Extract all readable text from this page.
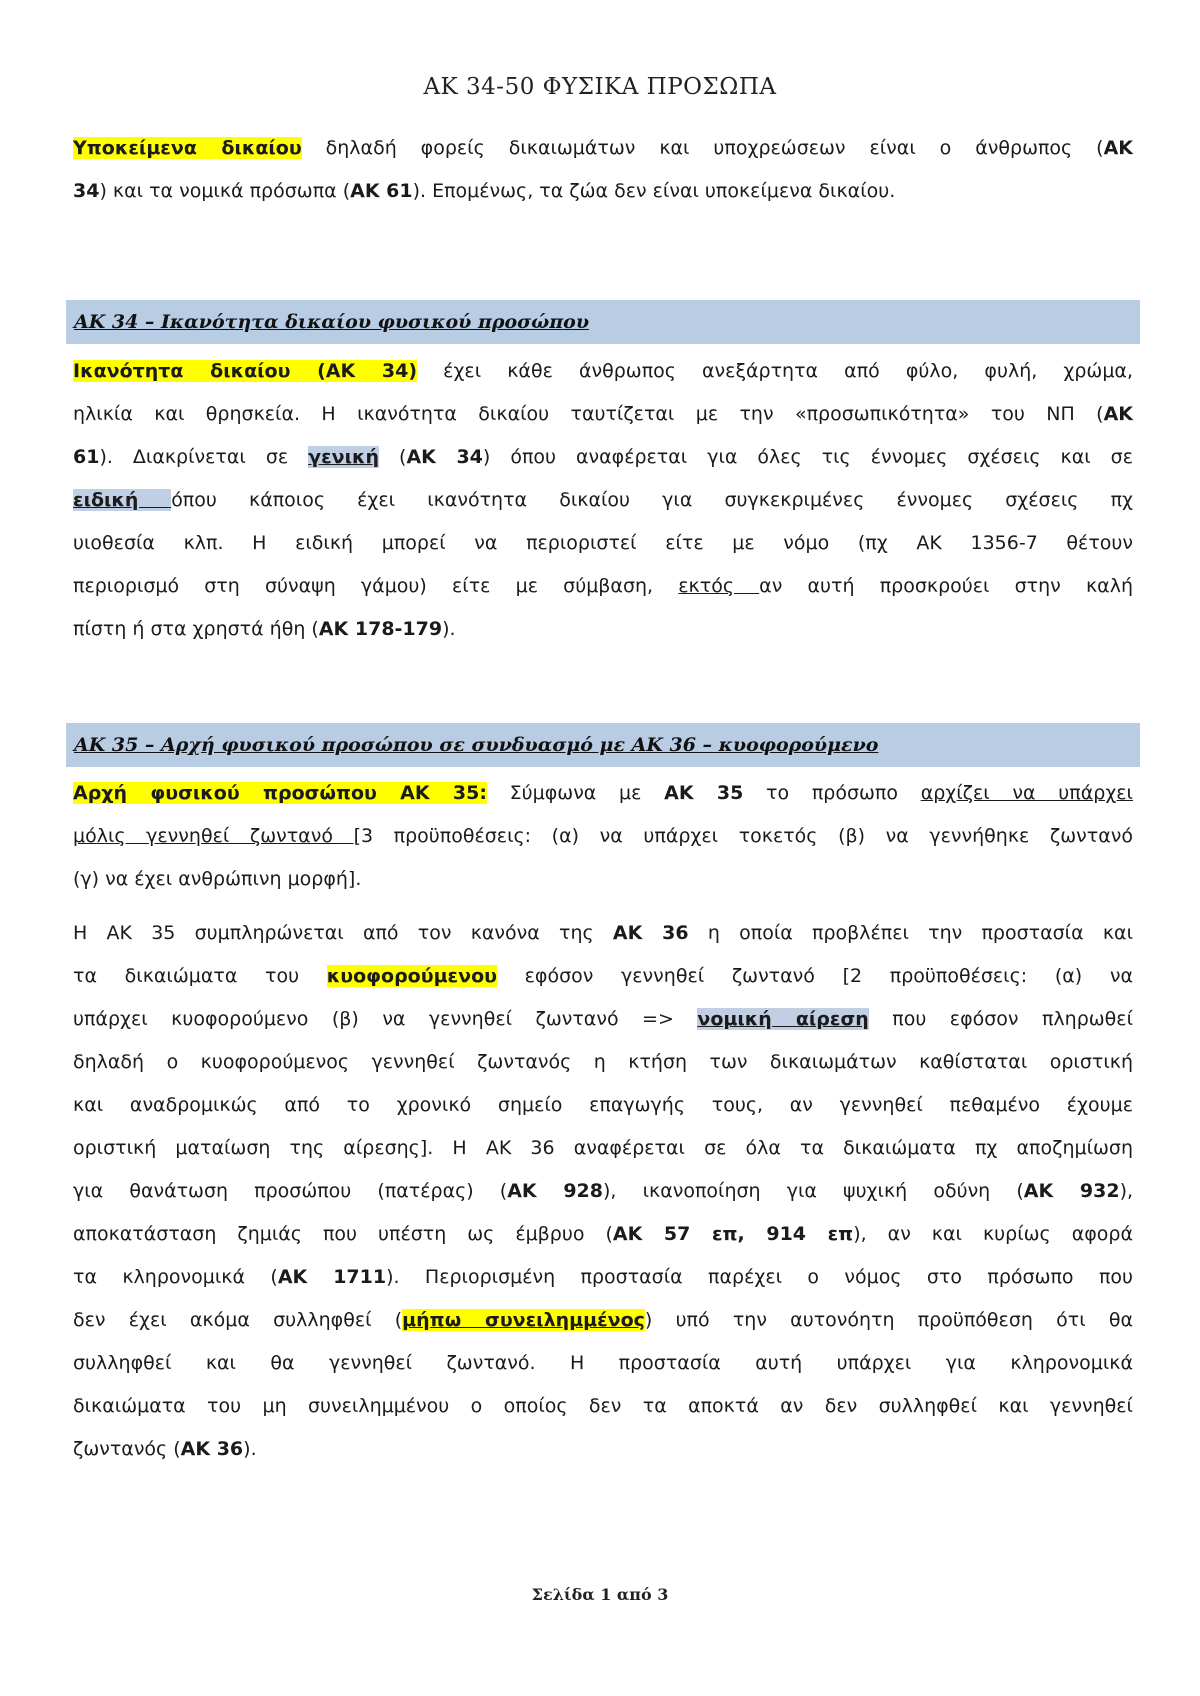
ΑΚ 34-50 ΦΥΣΙΚΑ ΠΡΟΣΩΠΑ
Υποκείμενα δικαίου δηλαδή φορείς δικαιωμάτων και υποχρεώσεων είναι ο άνθρωπος (ΑΚ
34) και τα νομικά πρόσωπα (ΑΚ 61). Επομένως, τα ζώα δεν είναι υποκείμενα δικαίου.
ΑΚ 34 – Ικανότητα δικαίου φυσικού προσώπου
Ικανότητα δικαίου (ΑΚ 34) έχει κάθε άνθρωπος ανεξάρτητα από φύλο, φυλή, χρώμα,
ηλικία και θρησκεία. Η ικανότητα δικαίου ταυτίζεται με την «προσωπικότητα» του ΝΠ (ΑΚ
61). Διακρίνεται σε γενική (ΑΚ 34) όπου αναφέρεται για όλες τις έννομες σχέσεις και σε
ειδική όπου κάποιος έχει ικανότητα δικαίου για συγκεκριμένες έννομες σχέσεις πχ
υιοθεσία κλπ. Η ειδική μπορεί να περιοριστεί είτε με νόμο (πχ ΑΚ 1356-7 θέτουν
περιορισμό στη σύναψη γάμου) είτε με σύμβαση, εκτός αν αυτή προσκρούει στην καλή
πίστη ή στα χρηστά ήθη (ΑΚ 178-179).
ΑΚ 35 – Αρχή φυσικού προσώπου σε συνδυασμό με ΑΚ 36 – κυοφορούμενο
Αρχή φυσικού προσώπου ΑΚ 35: Σύμφωνα με ΑΚ 35 το πρόσωπο αρχίζει να υπάρχει
μόλις γεννηθεί ζωντανό [3 προϋποθέσεις: (α) να υπάρχει τοκετός (β) να γεννήθηκε ζωντανό
(γ) να έχει ανθρώπινη μορφή].
Η ΑΚ 35 συμπληρώνεται από τον κανόνα της ΑΚ 36 η οποία προβλέπει την προστασία και
τα δικαιώματα του κυοφορούμενου εφόσον γεννηθεί ζωντανό [2 προϋποθέσεις: (α) να
υπάρχει κυοφορούμενο (β) να γεννηθεί ζωντανό => νομική αίρεση που εφόσον πληρωθεί
δηλαδή ο κυοφορούμενος γεννηθεί ζωντανός η κτήση των δικαιωμάτων καθίσταται οριστική
και αναδρομικώς από το χρονικό σημείο επαγωγής τους, αν γεννηθεί πεθαμένο έχουμε
οριστική ματαίωση της αίρεσης]. Η ΑΚ 36 αναφέρεται σε όλα τα δικαιώματα πχ αποζημίωση
για θανάτωση προσώπου (πατέρας) (ΑΚ 928), ικανοποίηση για ψυχική οδύνη (ΑΚ 932),
αποκατάσταση ζημιάς που υπέστη ως έμβρυο (ΑΚ 57 επ, 914 επ), αν και κυρίως αφορά
τα κληρονομικά (ΑΚ 1711). Περιορισμένη προστασία παρέχει ο νόμος στο πρόσωπο που
δεν έχει ακόμα συλληφθεί (μήπω συνειλημμένος) υπό την αυτονόητη προϋπόθεση ότι θα
συλληφθεί και θα γεννηθεί ζωντανό. Η προστασία αυτή υπάρχει για κληρονομικά
δικαιώματα του μη συνειλημμένου ο οποίος δεν τα αποκτά αν δεν συλληφθεί και γεννηθεί
ζωντανός (ΑΚ 36).
Σελίδα 1 από 3
